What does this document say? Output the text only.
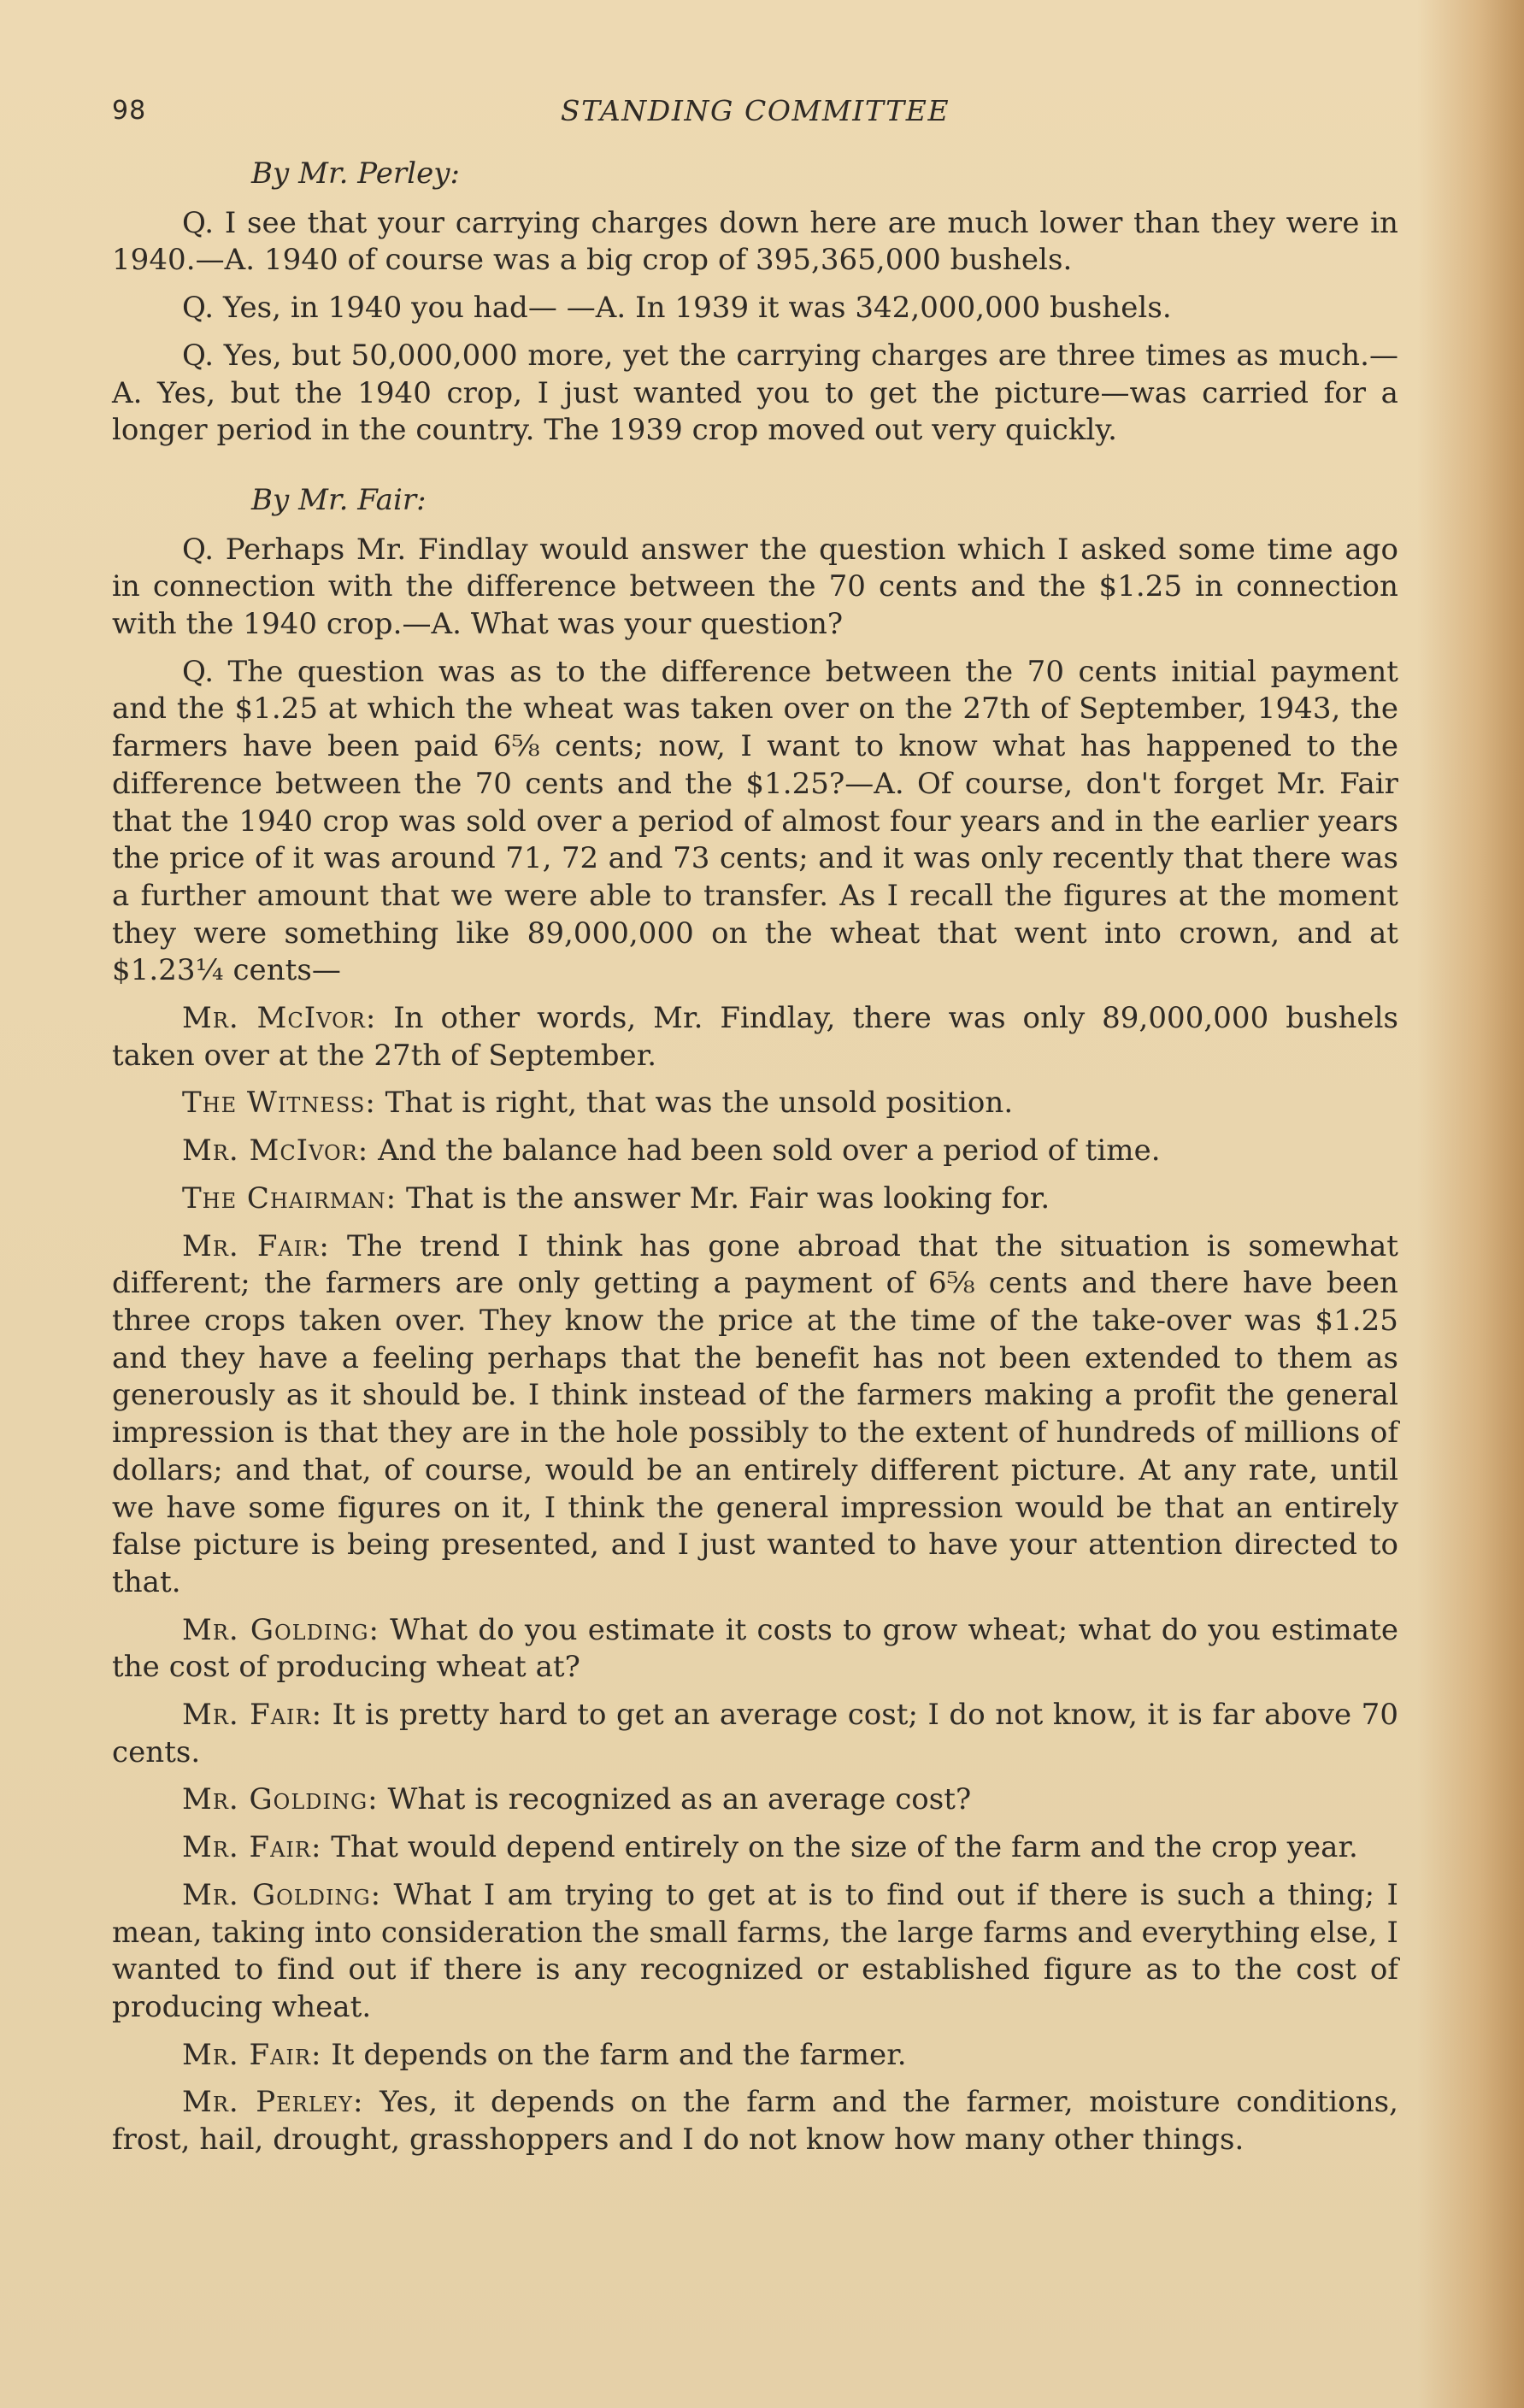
98	STANDING COMMITTEE
By Mr. Perley:

Q. I see that your carrying charges down here are much lower than they were in 1940.—A. 1940 of course was a big crop of 395,365,000 bushels.

Q. Yes, in 1940 you had— —A. In 1939 it was 342,000,000 bushels.

Q. Yes, but 50,000,000 more, yet the carrying charges are three times as much.—A. Yes, but the 1940 crop, I just wanted you to get the picture—was carried for a longer period in the country. The 1939 crop moved out very quickly.

By Mr. Fair:

Q. Perhaps Mr. Findlay would answer the question which I asked some time ago in connection with the difference between the 70 cents and the $1.25 in connection with the 1940 crop.—A. What was your question?

Q. The question was as to the difference between the 70 cents initial payment and the $1.25 at which the wheat was taken over on the 27th of September, 1943, the farmers have been paid 6⅝ cents; now, I want to know what has happened to the difference between the 70 cents and the $1.25?—A. Of course, don't forget Mr. Fair that the 1940 crop was sold over a period of almost four years and in the earlier years the price of it was around 71, 72 and 73 cents; and it was only recently that there was a further amount that we were able to transfer. As I recall the figures at the moment they were something like 89,000,000 on the wheat that went into crown, and at $1.23¼ cents—

Mr. McIvor: In other words, Mr. Findlay, there was only 89,000,000 bushels taken over at the 27th of September.

The Witness: That is right, that was the unsold position.

Mr. McIvor: And the balance had been sold over a period of time.

The Chairman: That is the answer Mr. Fair was looking for.

Mr. Fair: The trend I think has gone abroad that the situation is somewhat different; the farmers are only getting a payment of 6⅝ cents and there have been three crops taken over. They know the price at the time of the take-over was $1.25 and they have a feeling perhaps that the benefit has not been extended to them as generously as it should be. I think instead of the farmers making a profit the general impression is that they are in the hole possibly to the extent of hundreds of millions of dollars; and that, of course, would be an entirely different picture. At any rate, until we have some figures on it, I think the general impression would be that an entirely false picture is being presented, and I just wanted to have your attention directed to that.

Mr. Golding: What do you estimate it costs to grow wheat; what do you estimate the cost of producing wheat at?

Mr. Fair: It is pretty hard to get an average cost; I do not know, it is far above 70 cents.

Mr. Golding: What is recognized as an average cost?

Mr. Fair: That would depend entirely on the size of the farm and the crop year.

Mr. Golding: What I am trying to get at is to find out if there is such a thing; I mean, taking into consideration the small farms, the large farms and everything else, I wanted to find out if there is any recognized or established figure as to the cost of producing wheat.

Mr. Fair: It depends on the farm and the farmer.

Mr. Perley: Yes, it depends on the farm and the farmer, moisture conditions, frost, hail, drought, grasshoppers and I do not know how many other things.
